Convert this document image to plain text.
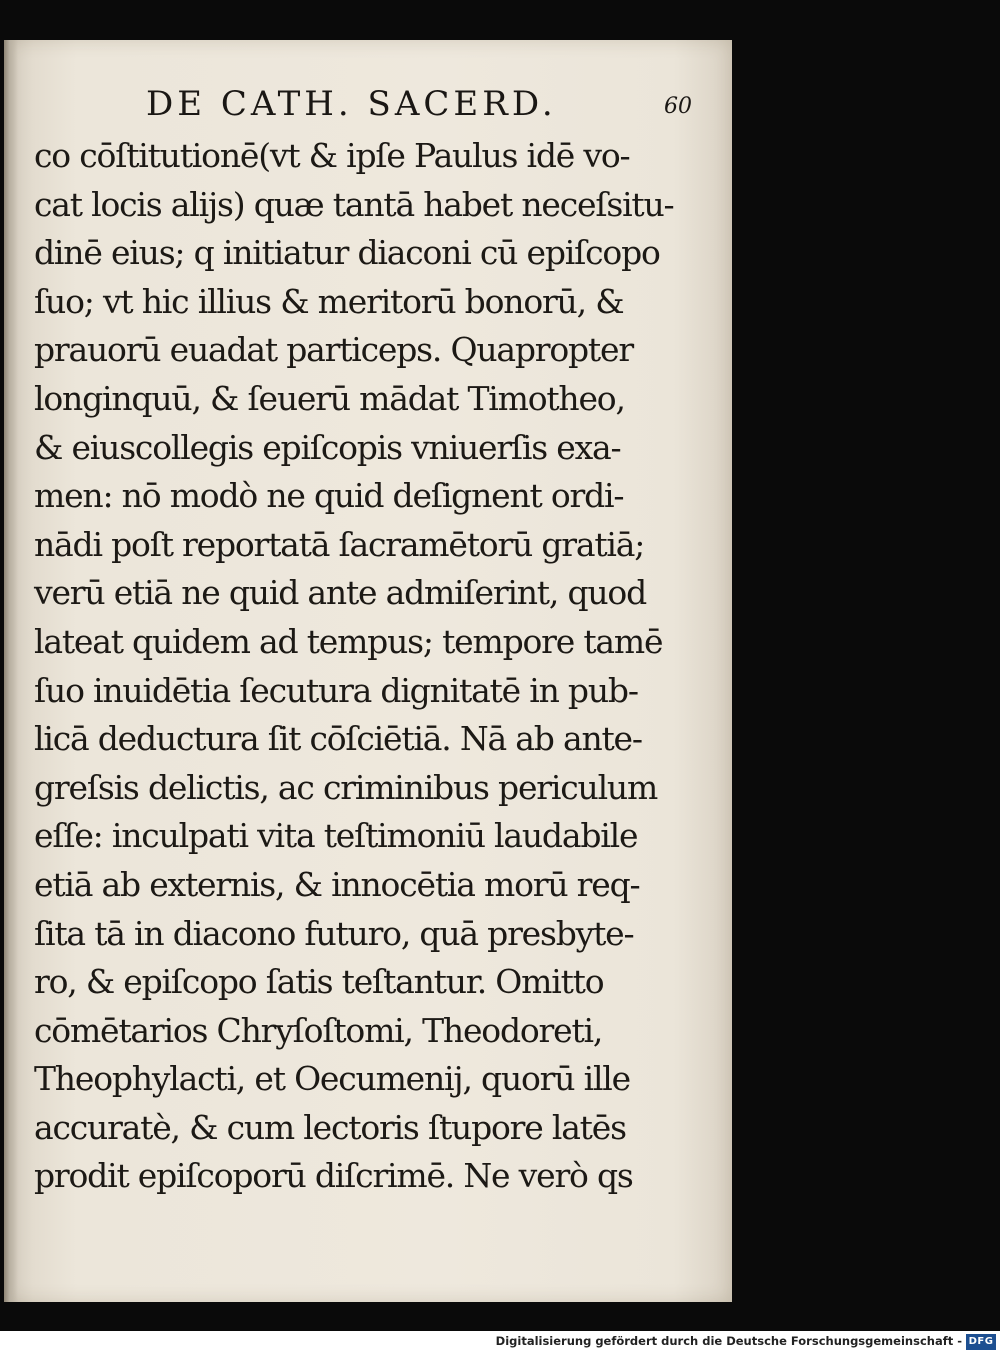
DE CATH. SACERD.	60
co cōſtitutionē(vt & ipſe Paulus idē vo-
cat locis alijs) quæ tantā habet neceſsitu-
dinē eius; q initiatur diaconi cū epiſcopo
ſuo; vt hic illius & meritorū bonorū, &
prauorū euadat particeps. Quapropter
longinquū, & ſeuerū mādat Timotheo,
& eiuscollegis epiſcopis vniuerſis exa-
men: nō modò ne quid deſignent ordi-
nādi poſt reportatā ſacramētorū gratiā;
verū etiā ne quid ante admiſerint, quod
lateat quidem ad tempus; tempore tamē
ſuo inuidētia ſecutura dignitatē in pub-
licā deductura ſit cōſciētiā. Nā ab ante-
greſsis delictis, ac criminibus periculum
eſſe: inculpati vita teſtimoniū laudabile
etiā ab externis, & innocētia morū req-
ſita tā in diacono futuro, quā presbyte-
ro, & epiſcopo ſatis teſtantur. Omitto
cōmētarios Chryſoſtomi, Theodoreti,
Theophylacti, et Oecumenij, quorū ille
accuratè, & cum lectoris ſtupore latēs
prodit epiſcoporū diſcrimē. Ne verò qs
Digitalisierung gefördert durch die Deutsche Forschungsgemeinschaft - DFG
